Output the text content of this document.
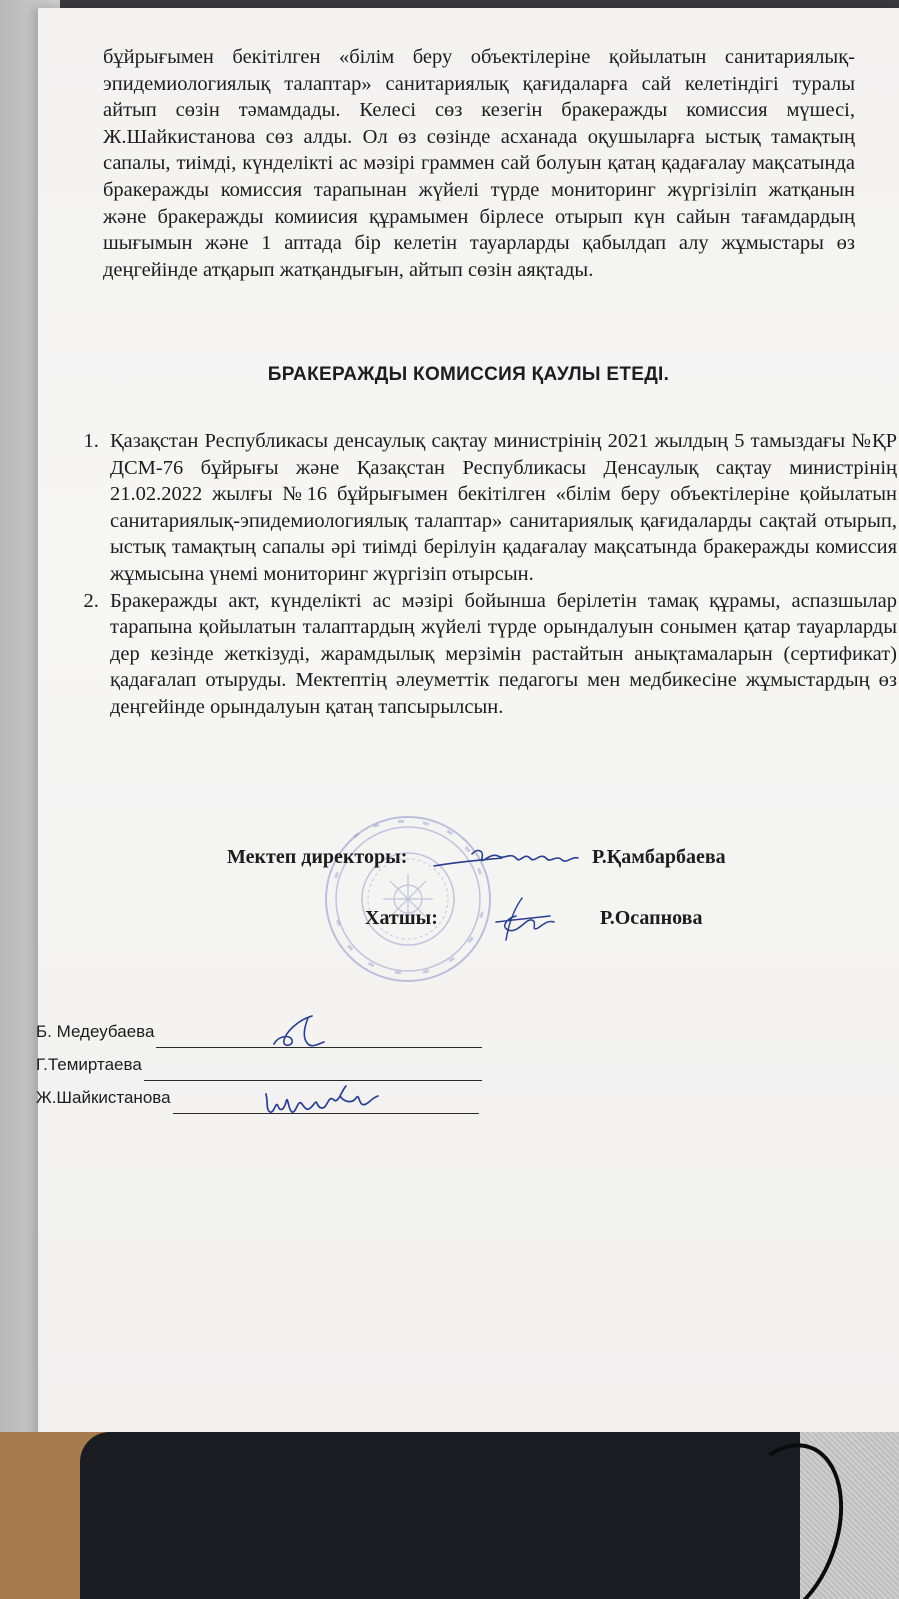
бұйрығымен бекітілген «білім беру объектілеріне қойылатын санитариялық-эпидемиологиялық талаптар» санитариялық қағидаларға сай келетіндігі туралы айтып сөзін тәмамдады. Келесі сөз кезегін бракеражды комиссия мүшесі, Ж.Шайкистанова сөз алды. Ол өз сөзінде асханада оқушыларға ыстық тамақтың сапалы, тиімді, күнделікті ас мәзірі граммен сай болуын қатаң қадағалау мақсатында бракеражды комиссия тарапынан жүйелі түрде мониторинг жүргізіліп жатқанын және бракеражды комиисия құрамымен бірлесе отырып күн сайын тағамдардың шығымын және 1 аптада бір келетін тауарларды қабылдап алу жұмыстары өз деңгейінде атқарып жатқандығын, айтып сөзін аяқтады.
БРАКЕРАЖДЫ КОМИССИЯ ҚАУЛЫ ЕТЕДІ.
1. Қазақстан Республикасы денсаулық сақтау министрінің 2021 жылдың 5 тамыздағы №ҚР ДСМ-76 бұйрығы және Қазақстан Республикасы Денсаулық сақтау министрінің 21.02.2022 жылғы №16 бұйрығымен бекітілген «білім беру объектілеріне қойылатын санитариялық-эпидемиологиялық талаптар» санитариялық қағидаларды сақтай отырып, ыстық тамақтың сапалы әрі тиімді берілуін қадағалау мақсатында бракеражды комиссия жұмысына үнемі мониторинг жүргізіп отырсын.
2. Бракеражды акт, күнделікті ас мәзірі бойынша берілетін тамақ құрамы, аспазшылар тарапына қойылатын талаптардың жүйелі түрде орындалуын сонымен қатар тауарларды дер кезінде жеткізуді, жарамдылық мерзімін растайтын анықтамаларын (сертификат) қадағалап отыруды. Мектептің әлеуметтік педагогы мен медбикесіне жұмыстардың өз деңгейінде орындалуын қатаң тапсырылсын.
Мектеп директоры:	Р.Қамбарбаева
Хатшы:	Р.Осапнова
Б. Медеубаева
Г.Темиртаева
Ж.Шайкистанова
